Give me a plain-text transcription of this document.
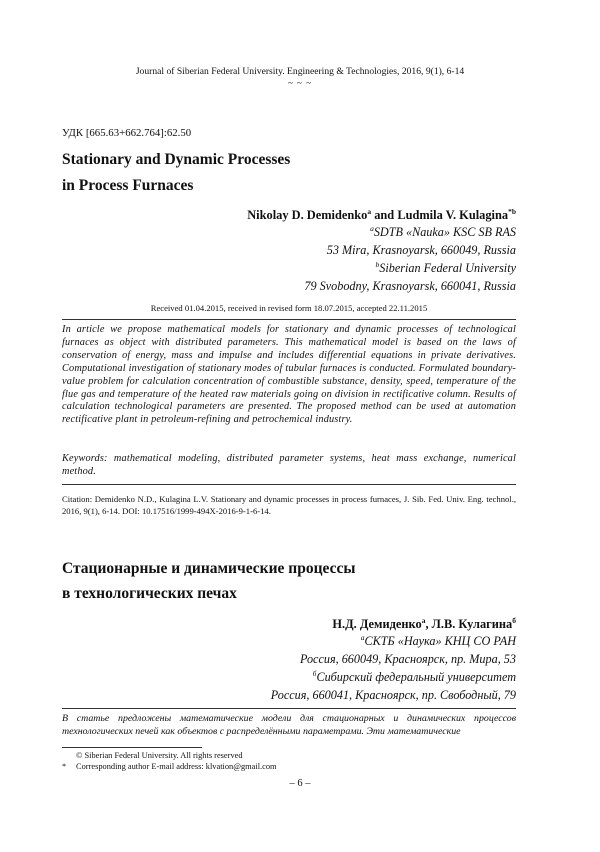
Journal of Siberian Federal University. Engineering & Technologies, 2016, 9(1), 6-14
~ ~ ~
УДК [665.63+662.764]:62.50
Stationary and Dynamic Processes
in Process Furnaces
Nikolay D. Demidenko$^a$ and Ludmila V. Kulagina$^{*b}$
$^a$SDTB «Nauka» KSC SB RAS
53 Mira, Krasnoyarsk, 660049, Russia
$^b$Siberian Federal University
79 Svobodny, Krasnoyarsk, 660041, Russia
Received 01.04.2015, received in revised form 18.07.2015, accepted 22.11.2015
In article we propose mathematical models for stationary and dynamic processes of technological furnaces as object with distributed parameters. This mathematical model is based on the laws of conservation of energy, mass and impulse and includes differential equations in private derivatives. Computational investigation of stationary modes of tubular furnaces is conducted. Formulated boundary-value problem for calculation concentration of combustible substance, density, speed, temperature of the flue gas and temperature of the heated raw materials going on division in rectificative column. Results of calculation technological parameters are presented. The proposed method can be used at automation rectificative plant in petroleum-refining and petrochemical industry.
Keywords: mathematical modeling, distributed parameter systems, heat mass exchange, numerical method.
Citation: Demidenko N.D., Kulagina L.V. Stationary and dynamic processes in process furnaces, J. Sib. Fed. Univ. Eng. technol., 2016, 9(1), 6-14. DOI: 10.17516/1999-494X-2016-9-1-6-14.
Стационарные и динамические процессы
в технологических печах
Н.Д. Демиденко$^а$, Л.В. Кулагина$^б$
$^а$СКТБ «Наука» КНЦ СО РАН
Россия, 660049, Красноярск, пр. Мира, 53
$^б$Сибирский федеральный университет
Россия, 660041, Красноярск, пр. Свободный, 79
В статье предложены математические модели для стационарных и динамических процессов технологических печей как объектов с распределёнными параметрами. Эти математические
© Siberian Federal University. All rights reserved
* Corresponding author E-mail address: klvation@gmail.com
– 6 –
